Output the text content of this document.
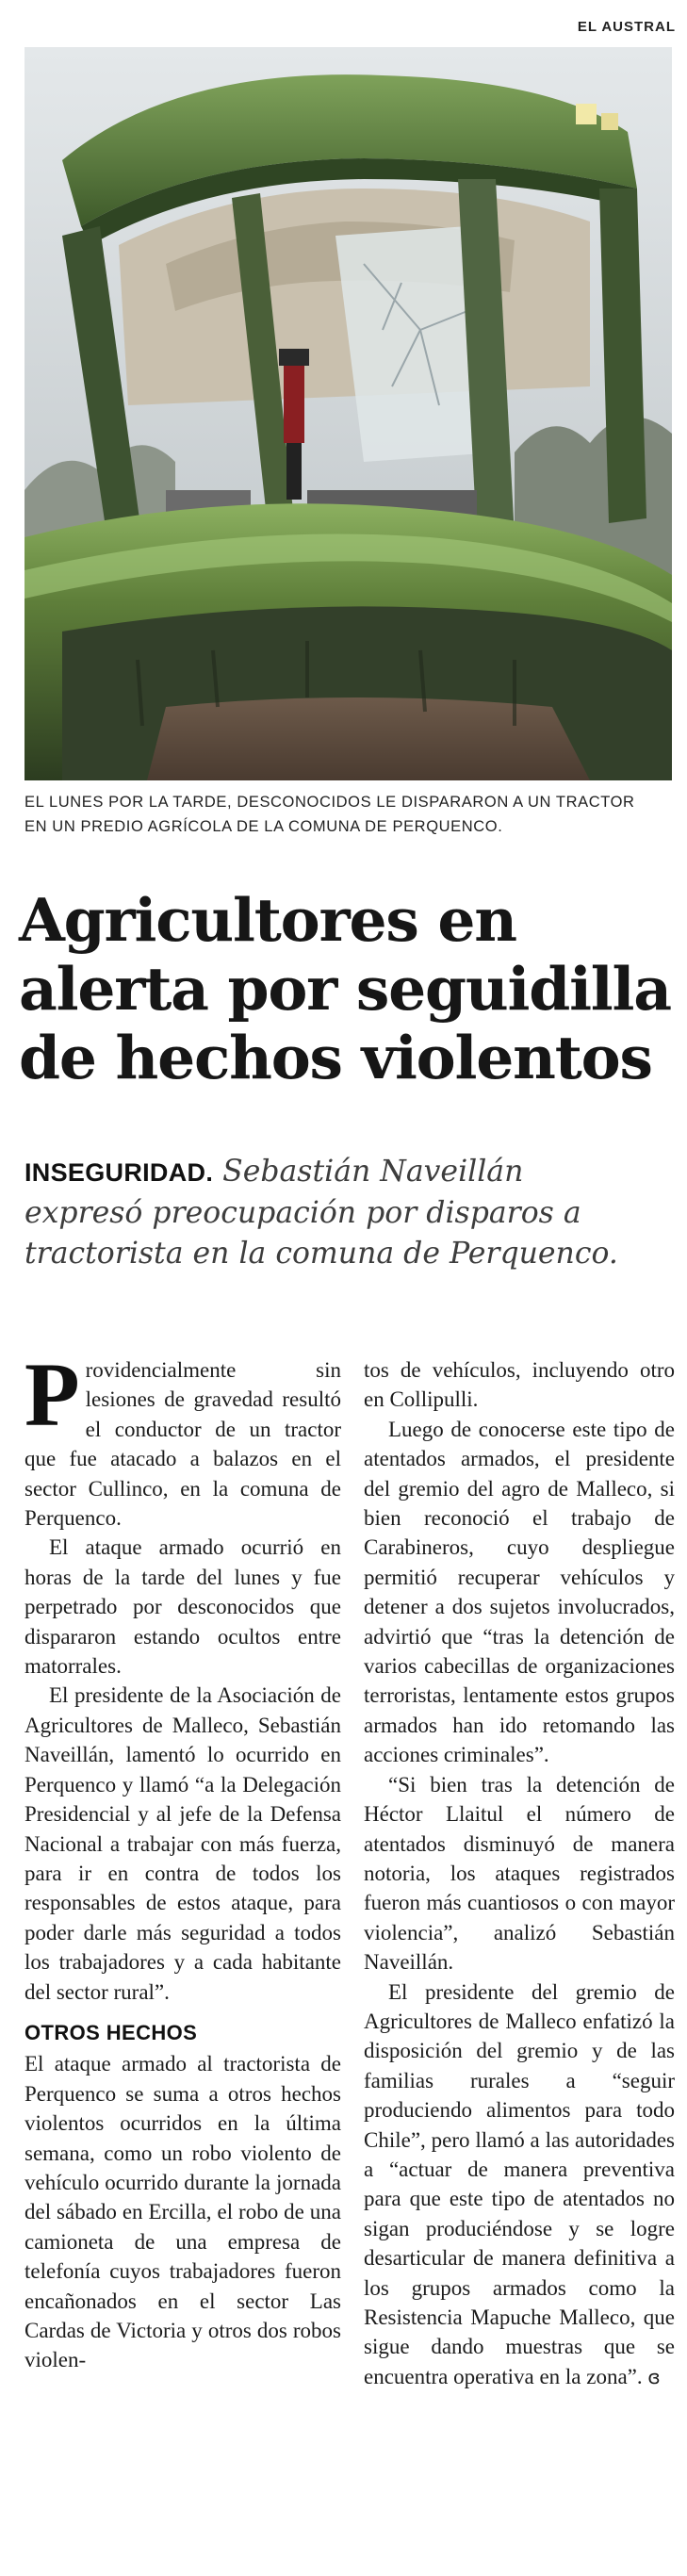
EL AUSTRAL
EL LUNES POR LA TARDE, DESCONOCIDOS LE DISPARARON A UN TRACTOR
EN UN PREDIO AGRÍCOLA DE LA COMUNA DE PERQUENCO.
Agricultores en
alerta por seguidilla
de hechos violentos
INSEGURIDAD. Sebastián Naveillán
expresó preocupación por disparos a
tractorista en la comuna de Perquenco.

Providencialmente sin lesiones de gravedad resultó el conductor de un tractor que fue atacado a balazos en el sector Cullinco, en la comuna de Perquenco.

El ataque armado ocurrió en horas de la tarde del lunes y fue perpetrado por desconocidos que dispararon estando ocultos entre matorrales.

El presidente de la Asociación de Agricultores de Malleco, Sebastián Naveillán, lamentó lo ocurrido en Perquenco y llamó “a la Delegación Presidencial y al jefe de la Defensa Nacional a trabajar con más fuerza, para ir en contra de todos los responsables de estos ataque, para poder darle más seguridad a todos los trabajadores y a cada habitante del sector rural”.

OTROS HECHOS

El ataque armado al tractorista de Perquenco se suma a otros hechos violentos ocurridos en la última semana, como un robo violento de vehículo ocurrido durante la jornada del sábado en Ercilla, el robo de una camioneta de una empresa de telefonía cuyos trabajadores fueron encañonados en el sector Las Cardas de Victoria y otros dos robos violen-

tos de vehículos, incluyendo otro en Collipulli.

Luego de conocerse este tipo de atentados armados, el presidente del gremio del agro de Malleco, si bien reconoció el trabajo de Carabineros, cuyo despliegue permitió recuperar vehículos y detener a dos sujetos involucrados, advirtió que “tras la detención de varios cabecillas de organizaciones terroristas, lentamente estos grupos armados han ido retomando las acciones criminales”.

“Si bien tras la detención de Héctor Llaitul el número de atentados disminuyó de manera notoria, los ataques registrados fueron más cuantiosos o con mayor violencia”, analizó Sebastián Naveillán.

El presidente del gremio de Agricultores de Malleco enfatizó la disposición del gremio y de las familias rurales a “seguir produciendo alimentos para todo Chile”, pero llamó a las autoridades a “actuar de manera preventiva para que este tipo de atentados no sigan produciéndose y se logre desarticular de manera definitiva a los grupos armados como la Resistencia Mapuche Malleco, que sigue dando muestras que se encuentra operativa en la zona”. ɞ
